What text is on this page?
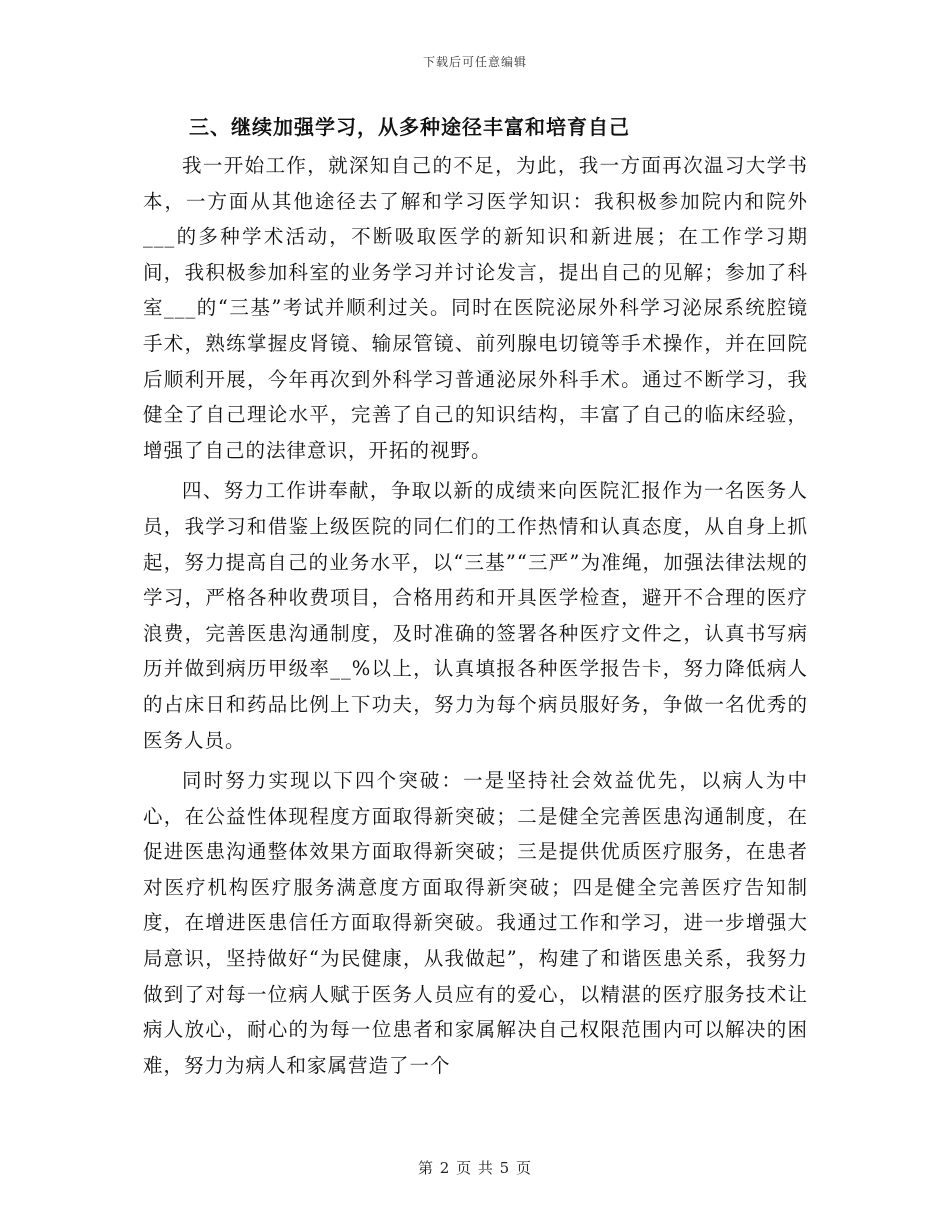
下载后可任意编辑
三、继续加强学习，从多种途径丰富和培育自己

我一开始工作，就深知自己的不足，为此，我一方面再次温习大学书本，一方面从其他途径去了解和学习医学知识：我积极参加院内和院外___的多种学术活动，不断吸取医学的新知识和新进展；在工作学习期间，我积极参加科室的业务学习并讨论发言，提出自己的见解；参加了科室___的“三基”考试并顺利过关。同时在医院泌尿外科学习泌尿系统腔镜手术，熟练掌握皮肾镜、输尿管镜、前列腺电切镜等手术操作，并在回院后顺利开展，今年再次到外科学习普通泌尿外科手术。通过不断学习，我健全了自己理论水平，完善了自己的知识结构，丰富了自己的临床经验，增强了自己的法律意识，开拓的视野。

四、努力工作讲奉献，争取以新的成绩来向医院汇报作为一名医务人员，我学习和借鉴上级医院的同仁们的工作热情和认真态度，从自身上抓起，努力提高自己的业务水平，以“三基”“三严”为准绳，加强法律法规的学习，严格各种收费项目，合格用药和开具医学检查，避开不合理的医疗浪费，完善医患沟通制度，及时准确的签署各种医疗文件之，认真书写病历并做到病历甲级率__%以上，认真填报各种医学报告卡，努力降低病人的占床日和药品比例上下功夫，努力为每个病员服好务，争做一名优秀的医务人员。

同时努力实现以下四个突破：一是坚持社会效益优先，以病人为中心，在公益性体现程度方面取得新突破；二是健全完善医患沟通制度，在促进医患沟通整体效果方面取得新突破；三是提供优质医疗服务，在患者对医疗机构医疗服务满意度方面取得新突破；四是健全完善医疗告知制度，在增进医患信任方面取得新突破。我通过工作和学习，进一步增强大局意识，坚持做好“为民健康，从我做起”，构建了和谐医患关系，我努力做到了对每一位病人赋于医务人员应有的爱心，以精湛的医疗服务技术让病人放心，耐心的为每一位患者和家属解决自己权限范围内可以解决的困难，努力为病人和家属营造了一个

第 2 页 共 5 页
